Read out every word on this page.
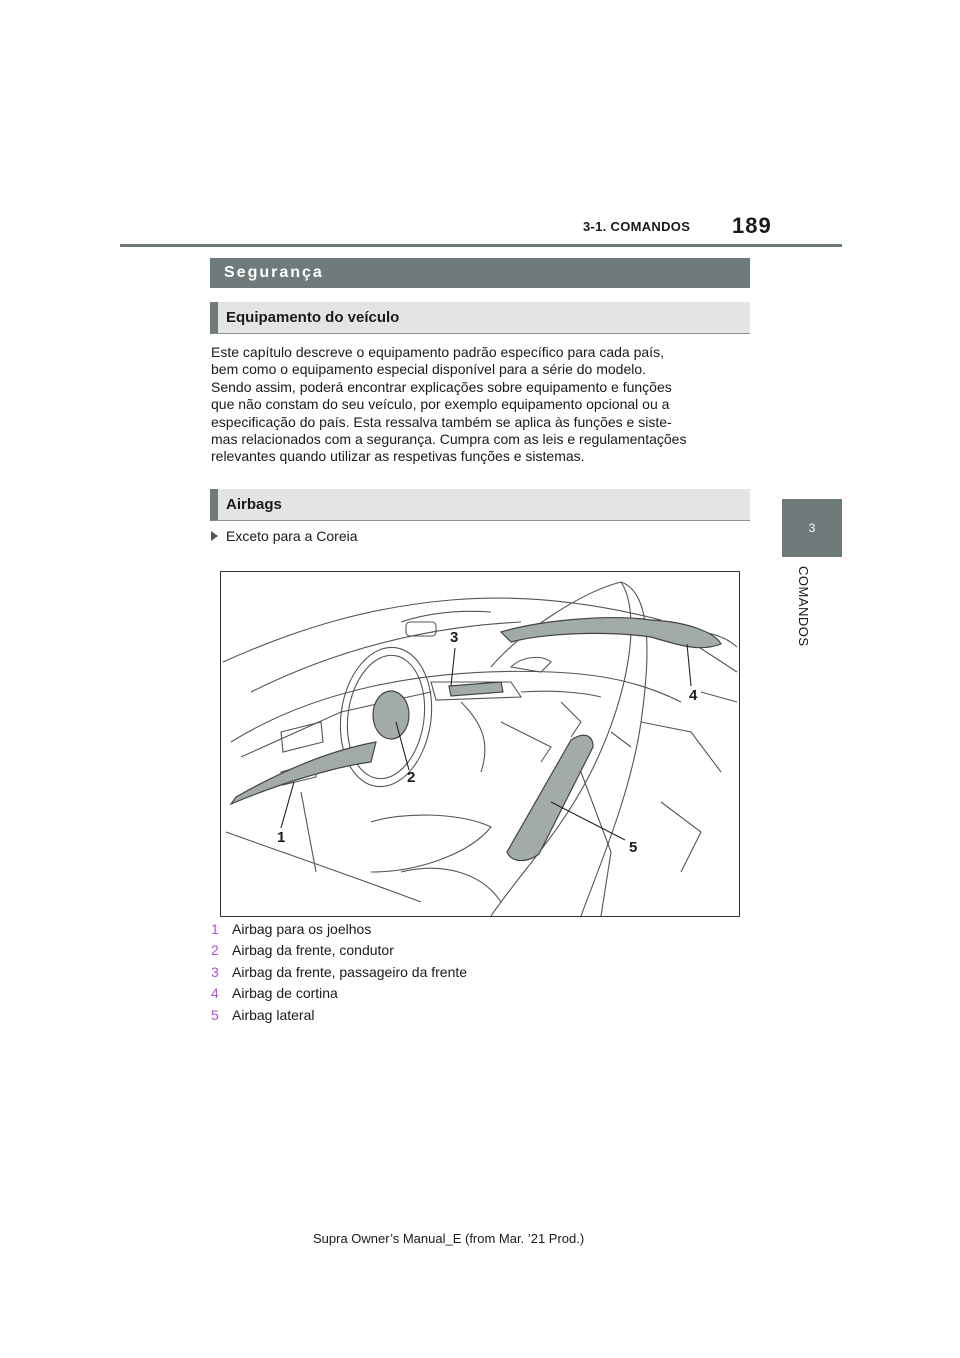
3-1. COMANDOS 189
3
COMANDOS
Segurança
Equipamento do veículo
Este capítulo descreve o equipamento padrão específico para cada país,
bem como o equipamento especial disponível para a série do modelo.
Sendo assim, poderá encontrar explicações sobre equipamento e funções
que não constam do seu veículo, por exemplo equipamento opcional ou a
especificação do país. Esta ressalva também se aplica às funções e siste-
mas relacionados com a segurança. Cumpra com as leis e regulamentações
relevantes quando utilizar as respetivas funções e sistemas.
Airbags
Exceto para a Coreia
1
2
3
4
5
1 Airbag para os joelhos
2 Airbag da frente, condutor
3 Airbag da frente, passageiro da frente
4 Airbag de cortina
5 Airbag lateral
Supra Owner’s Manual_E (from Mar. ’21 Prod.)
